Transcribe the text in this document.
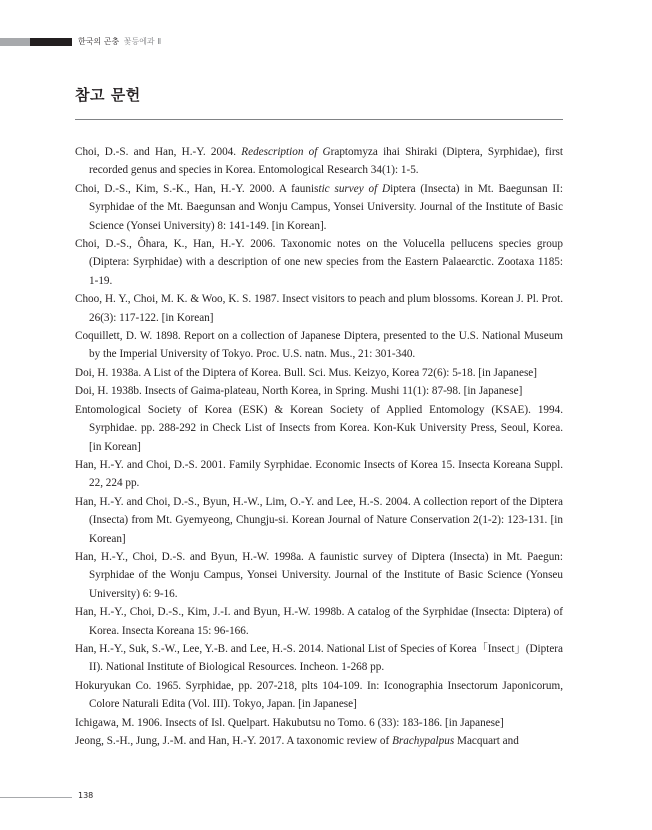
한국의 곤충 꽃등에과 Ⅱ
참고 문헌
Choi, D.-S. and Han, H.-Y. 2004. Redescription of Graptomyza ihai Shiraki (Diptera, Syrphidae), first recorded genus and species in Korea. Entomological Research 34(1): 1-5.
Choi, D.-S., Kim, S.-K., Han, H.-Y. 2000. A faunistic survey of Diptera (Insecta) in Mt. Baegunsan II: Syrphidae of the Mt. Baegunsan and Wonju Campus, Yonsei University. Journal of the Institute of Basic Science (Yonsei University) 8: 141-149. [in Korean].
Choi, D.-S., Ôhara, K., Han, H.-Y. 2006. Taxonomic notes on the Volucella pellucens species group (Diptera: Syrphidae) with a description of one new species from the Eastern Palaearctic. Zootaxa 1185: 1-19.
Choo, H. Y., Choi, M. K. & Woo, K. S. 1987. Insect visitors to peach and plum blossoms. Korean J. Pl. Prot. 26(3): 117-122. [in Korean]
Coquillett, D. W. 1898. Report on a collection of Japanese Diptera, presented to the U.S. National Museum by the Imperial University of Tokyo. Proc. U.S. natn. Mus., 21: 301-340.
Doi, H. 1938a. A List of the Diptera of Korea. Bull. Sci. Mus. Keizyo, Korea 72(6): 5-18. [in Japanese]
Doi, H. 1938b. Insects of Gaima-plateau, North Korea, in Spring. Mushi 11(1): 87-98. [in Japanese]
Entomological Society of Korea (ESK) & Korean Society of Applied Entomology (KSAE). 1994. Syrphidae. pp. 288-292 in Check List of Insects from Korea. Kon-Kuk University Press, Seoul, Korea. [in Korean]
Han, H.-Y. and Choi, D.-S. 2001. Family Syrphidae. Economic Insects of Korea 15. Insecta Koreana Suppl. 22, 224 pp.
Han, H.-Y. and Choi, D.-S., Byun, H.-W., Lim, O.-Y. and Lee, H.-S. 2004. A collection report of the Diptera (Insecta) from Mt. Gyemyeong, Chungju-si. Korean Journal of Nature Conservation 2(1-2): 123-131. [in Korean]
Han, H.-Y., Choi, D.-S. and Byun, H.-W. 1998a. A faunistic survey of Diptera (Insecta) in Mt. Paegun: Syrphidae of the Wonju Campus, Yonsei University. Journal of the Institute of Basic Science (Yonseu University) 6: 9-16.
Han, H.-Y., Choi, D.-S., Kim, J.-I. and Byun, H.-W. 1998b. A catalog of the Syrphidae (Insecta: Diptera) of Korea. Insecta Koreana 15: 96-166.
Han, H.-Y., Suk, S.-W., Lee, Y.-B. and Lee, H.-S. 2014. National List of Species of Korea「Insect」(Diptera II). National Institute of Biological Resources. Incheon. 1-268 pp.
Hokuryukan Co. 1965. Syrphidae, pp. 207-218, plts 104-109. In: Iconographia Insectorum Japonicorum, Colore Naturali Edita (Vol. III). Tokyo, Japan. [in Japanese]
Ichigawa, M. 1906. Insects of Isl. Quelpart. Hakubutsu no Tomo. 6 (33): 183-186. [in Japanese]
Jeong, S.-H., Jung, J.-M. and Han, H.-Y. 2017. A taxonomic review of Brachypalpus Macquart and
138
